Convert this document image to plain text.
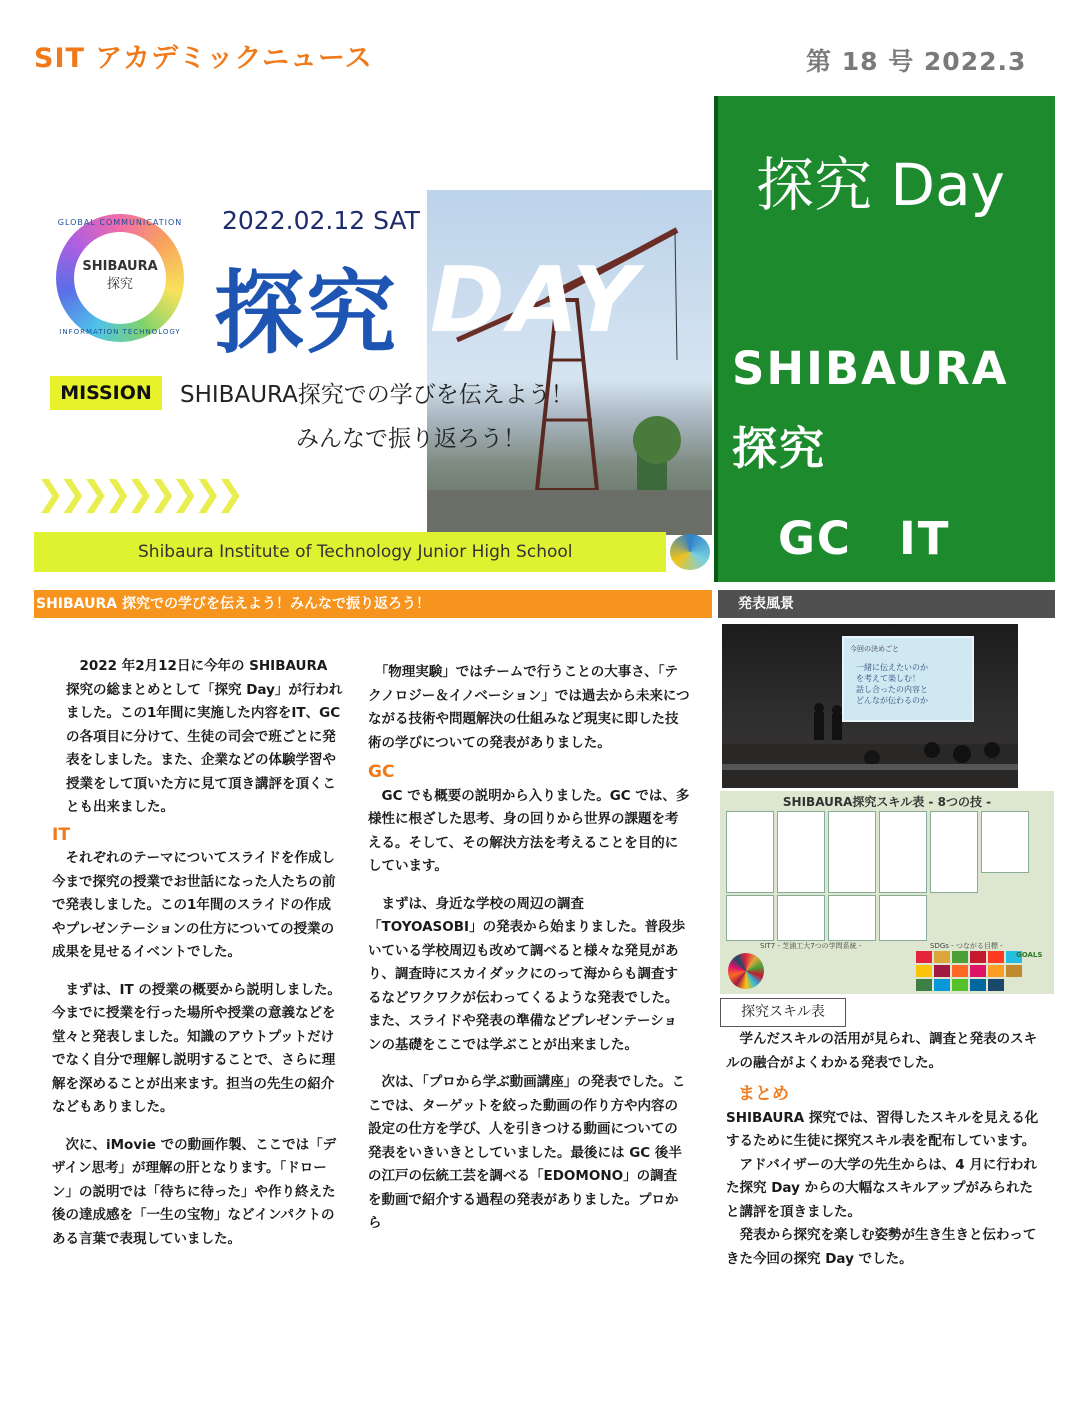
SIT アカデミックニュース	第 18 号 2022.3
GLOBAL COMMUNICATION
SHIBAURA
探究
INFORMATION TECHNOLOGY
2022.02.12 SAT
探究 DAY
MISSION	SHIBAURA探究での学びを伝えよう！
みんなで振り返ろう！
❯❯❯❯❯❯❯❯❯
Shibaura Institute of Technology Junior High School
探究 Day
SHIBAURA
探究
GC　IT
SHIBAURA 探究での学びを伝えよう！みんなで振り返ろう！	発表風景
今回の決めごと
一緒に伝えたいのか
を考えて楽しむ！
話し合ったの内容と
どんなが伝わるのか
SHIBAURA探究スキル表 - 8つの技 -
SIT7 - 芝浦工大7つの学問系統 -	SDGs - つながる目標 -
GOALS
探究スキル表

　2022 年2月12日に今年の SHIBAURA 探究の総まとめとして「探究 Day」が行われました。この1年間に実施した内容をIT、GC の各項目に分けて、生徒の司会で班ごとに発表をしました。また、企業などの体験学習や授業をして頂いた方に見て頂き講評を頂くことも出来ました。

IT

　それぞれのテーマについてスライドを作成し今まで探究の授業でお世話になった人たちの前で発表しました。この1年間のスライドの作成やプレゼンテーションの仕方についての授業の成果を見せるイベントでした。

　まずは、IT の授業の概要から説明しました。今までに授業を行った場所や授業の意義などを堂々と発表しました。知識のアウトプットだけでなく自分で理解し説明することで、さらに理解を深めることが出来ます。担当の先生の紹介などもありました。

　次に、iMovie での動画作製、ここでは「デザイン思考」が理解の肝となります。「ドローン」の説明では「待ちに待った」や作り終えた後の達成感を「一生の宝物」などインパクトのある言葉で表現していました。

　「物理実験」ではチームで行うことの大事さ、「テクノロジー＆イノベーション」では過去から未来につながる技術や問題解決の仕組みなど現実に即した技術の学びについての発表がありました。

GC

　GC でも概要の説明から入りました。GC では、多様性に根ざした思考、身の回りから世界の課題を考える。そして、その解決方法を考えることを目的にしています。

　まずは、身近な学校の周辺の調査「TOYOASOBI」の発表から始まりました。普段歩いている学校周辺も改めて調べると様々な発見があり、調査時にスカイダックにのって海からも調査するなどワクワクが伝わってくるような発表でした。また、スライドや発表の準備などプレゼンテーションの基礎をここでは学ぶことが出来ました。

　次は、「プロから学ぶ動画講座」の発表でした。ここでは、ターゲットを絞った動画の作り方や内容の設定の仕方を学び、人を引きつける動画についての発表をいきいきとしていました。最後には GC 後半の江戸の伝統工芸を調べる「EDOMONO」の調査を動画で紹介する過程の発表がありました。プロから

　学んだスキルの活用が見られ、調査と発表のスキルの融合がよくわかる発表でした。

まとめ

SHIBAURA 探究では、習得したスキルを見える化するために生徒に探究スキル表を配布しています。

　アドバイザーの大学の先生からは、4 月に行われた探究 Day からの大幅なスキルアップがみられたと講評を頂きました。

　発表から探究を楽しむ姿勢が生き生きと伝わってきた今回の探究 Day でした。
